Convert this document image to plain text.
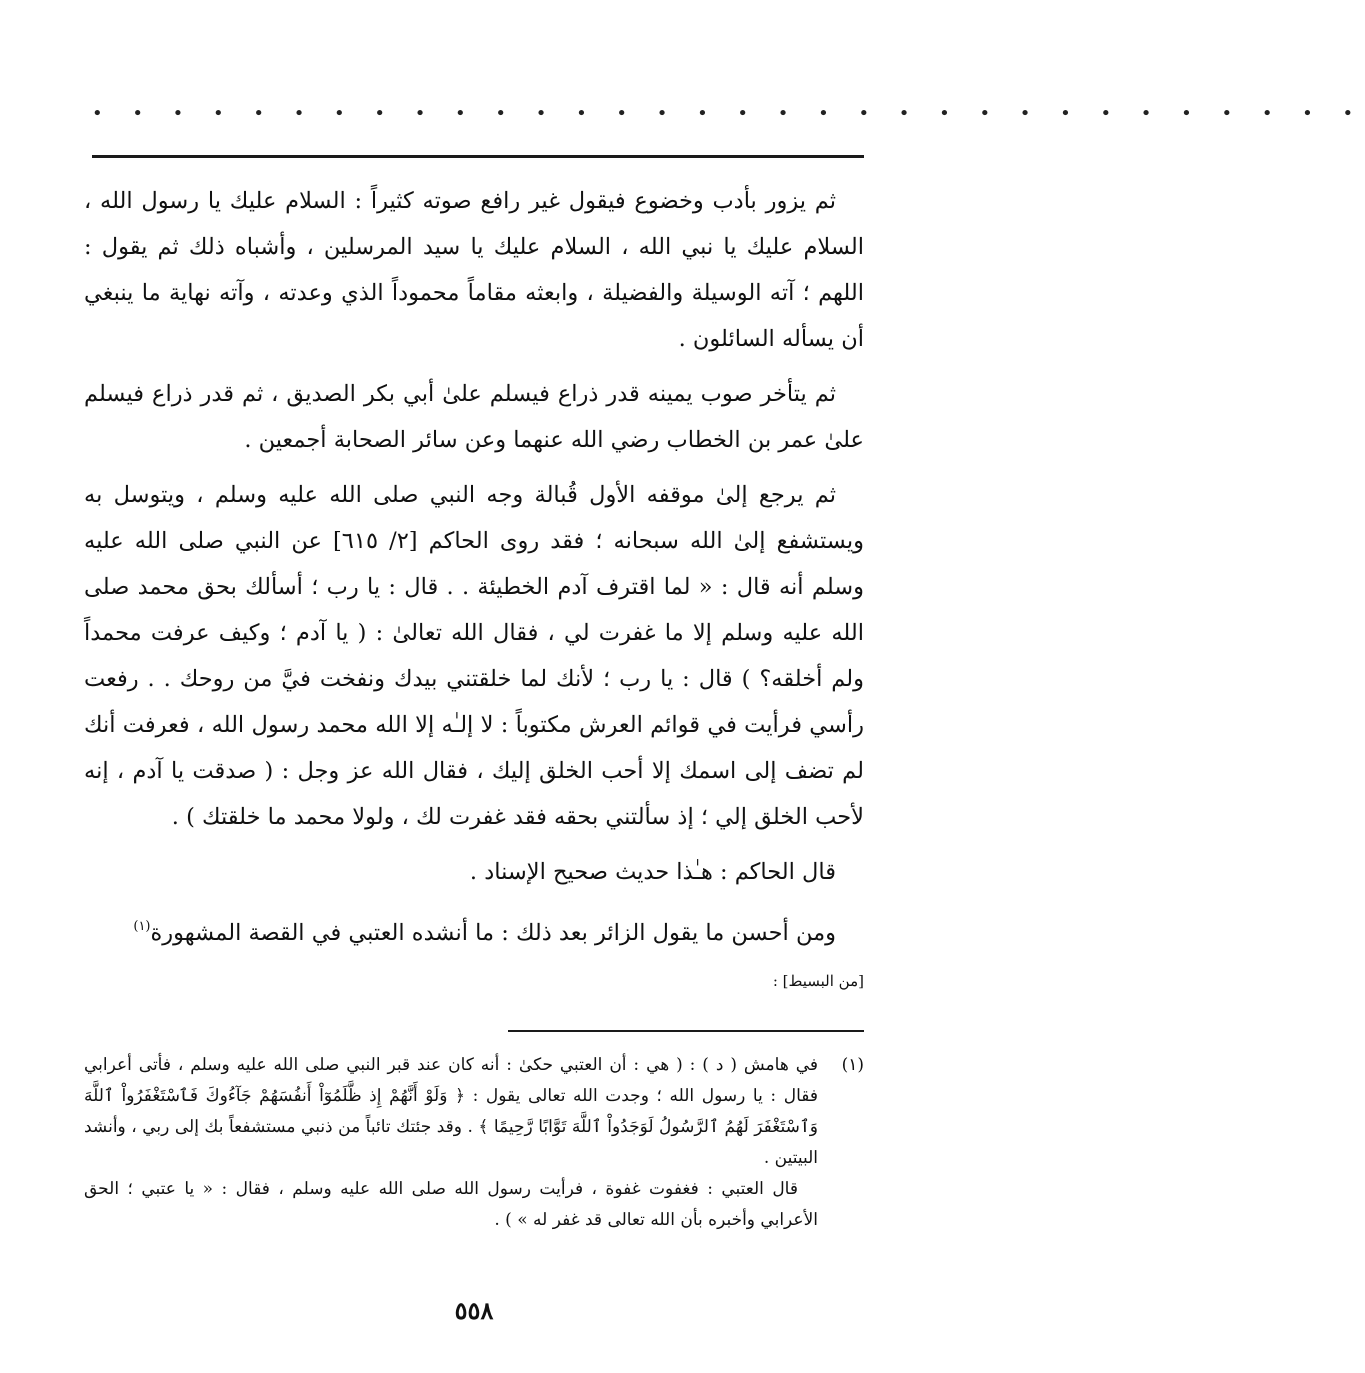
• • • • • • • • • • • • • • • • • • • • • • • • • • • • • • • •

ثم يزور بأدب وخضوع فيقول غير رافع صوته كثيراً : السلام عليك يا رسول الله ، السلام عليك يا نبي الله ، السلام عليك يا سيد المرسلين ، وأشباه ذلك ثم يقول : اللهم ؛ آته الوسيلة والفضيلة ، وابعثه مقاماً محموداً الذي وعدته ، وآته نهاية ما ينبغي أن يسأله السائلون .

ثم يتأخر صوب يمينه قدر ذراع فيسلم علىٰ أبي بكر الصديق ، ثم قدر ذراع فيسلم علىٰ عمر بن الخطاب رضي الله عنهما وعن سائر الصحابة أجمعين .

ثم يرجع إلىٰ موقفه الأول قُبالة وجه النبي صلى الله عليه وسلم ، ويتوسل به ويستشفع إلىٰ الله سبحانه ؛ فقد روى الحاكم [٢/ ٦١٥] عن النبي صلى الله عليه وسلم أنه قال : « لما اقترف آدم الخطيئة . . قال : يا رب ؛ أسألك بحق محمد صلى الله عليه وسلم إلا ما غفرت لي ، فقال الله تعالىٰ : ( يا آدم ؛ وكيف عرفت محمداً ولم أخلقه؟ ) قال : يا رب ؛ لأنك لما خلقتني بيدك ونفخت فيَّ من روحك . . رفعت رأسي فرأيت في قوائم العرش مكتوباً : لا إلـٰه إلا الله محمد رسول الله ، فعرفت أنك لم تضف إلى اسمك إلا أحب الخلق إليك ، فقال الله عز وجل : ( صدقت يا آدم ، إنه لأحب الخلق إلي ؛ إذ سألتني بحقه فقد غفرت لك ، ولولا محمد ما خلقتك ) .

قال الحاكم : هـٰذا حديث صحيح الإسناد .

ومن أحسن ما يقول الزائر بعد ذلك : ما أنشده العتبي في القصة المشهورة$^{(١)}$
[من البسيط] :

(١)

في هامش ( د ) : ( هي : أن العتبي حكىٰ : أنه كان عند قبر النبي صلى الله عليه وسلم ، فأتى أعرابي فقال : يا رسول الله ؛ وجدت الله تعالى يقول : ﴿ وَلَوْ أَنَّهُمْ إِذ ظَّلَمُوٓاْ أَنفُسَهُمْ جَآءُوكَ فَٱسْتَغْفَرُواْ ٱللَّهَ وَٱسْتَغْفَرَ لَهُمُ ٱلرَّسُولُ لَوَجَدُواْ ٱللَّهَ تَوَّابًا رَّحِيمًا ﴾ . وقد جئتك تائباً من ذنبي مستشفعاً بك إلى ربي ، وأنشد البيتين .

قال العتبي : فغفوت غفوة ، فرأيت رسول الله صلى الله عليه وسلم ، فقال : « يا عتبي ؛ الحق الأعرابي وأخبره بأن الله تعالى قد غفر له » ) .

٥٥٨
